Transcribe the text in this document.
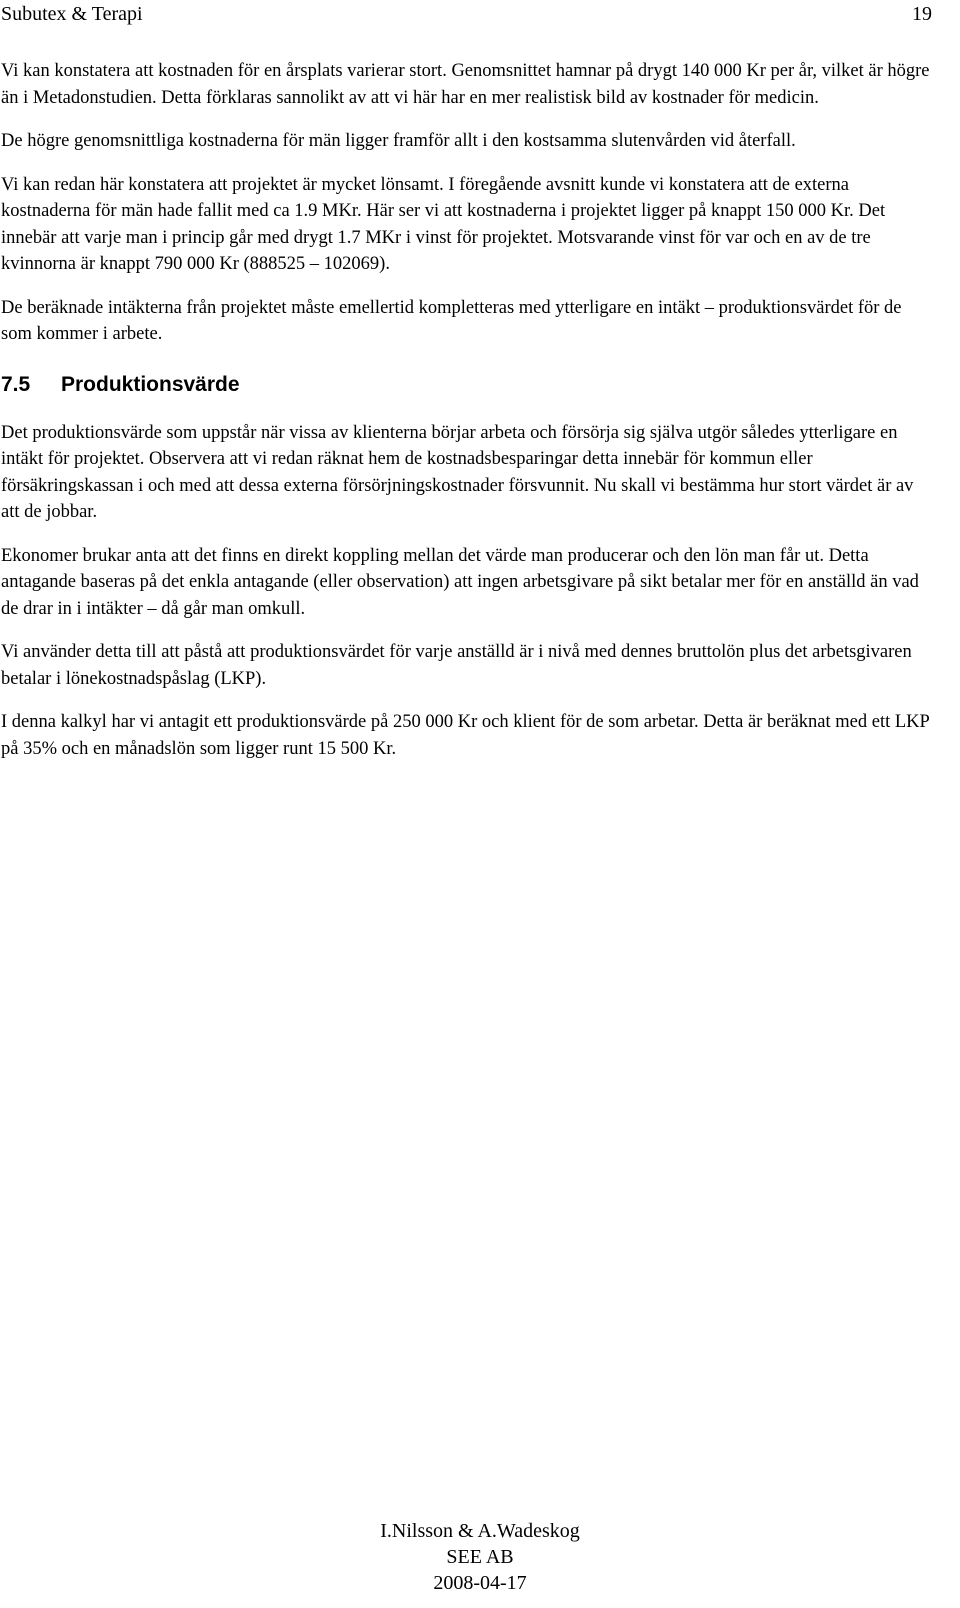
Subutex & Terapi	19

Vi kan konstatera att kostnaden för en årsplats varierar stort. Genomsnittet hamnar på drygt 140 000 Kr per år, vilket är högre än i Metadonstudien. Detta förklaras sannolikt av att vi här har en mer realistisk bild av kostnader för medicin.

De högre genomsnittliga kostnaderna för män ligger framför allt i den kostsamma slutenvården vid återfall.

Vi kan redan här konstatera att projektet är mycket lönsamt. I föregående avsnitt kunde vi konstatera att de externa kostnaderna för män hade fallit med ca 1.9 MKr. Här ser vi att kostnaderna i projektet ligger på knappt 150 000 Kr. Det innebär att varje man i princip går med drygt 1.7 MKr i vinst för projektet. Motsvarande vinst för var och en av de tre kvinnorna är knappt 790 000 Kr (888525 – 102069).

De beräknade intäkterna från projektet måste emellertid kompletteras med ytterligare en intäkt – produktionsvärdet för de som kommer i arbete.

7.5 Produktionsvärde

Det produktionsvärde som uppstår när vissa av klienterna börjar arbeta och försörja sig själva utgör således ytterligare en intäkt för projektet. Observera att vi redan räknat hem de kostnadsbesparingar detta innebär för kommun eller försäkringskassan i och med att dessa externa försörjningskostnader försvunnit. Nu skall vi bestämma hur stort värdet är av att de jobbar.

Ekonomer brukar anta att det finns en direkt koppling mellan det värde man producerar och den lön man får ut. Detta antagande baseras på det enkla antagande (eller observation) att ingen arbetsgivare på sikt betalar mer för en anställd än vad de drar in i intäkter – då går man omkull.

Vi använder detta till att påstå att produktionsvärdet för varje anställd är i nivå med dennes bruttolön plus det arbetsgivaren betalar i lönekostnadspåslag (LKP).

I denna kalkyl har vi antagit ett produktionsvärde på 250 000 Kr och klient för de som arbetar. Detta är beräknat med ett LKP på 35% och en månadslön som ligger runt 15 500 Kr.

I.Nilsson & A.Wadeskog
SEE AB
2008-04-17
